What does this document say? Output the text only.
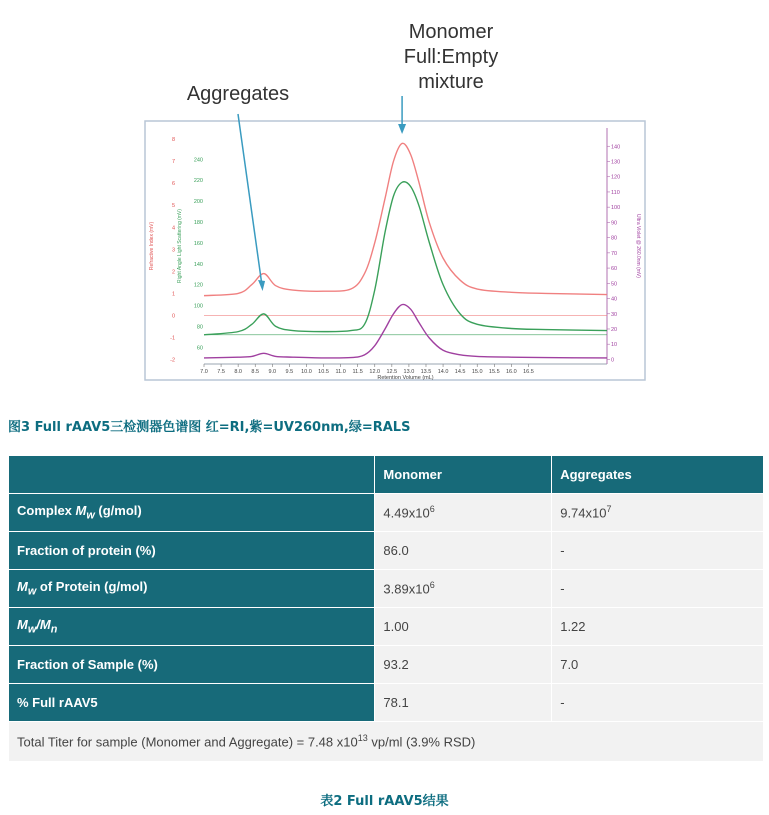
7.0 7.5 8.0 8.5 9.0 9.5 10.0 10.5 11.0 11.5 12.0 12.5 13.0 13.5 14.0 14.5 15.0 15.5 16.0 16.5
Retention Volume (mL)
-2
-1
0
1
2
3
4
5
6
7
8
Refractive Index (mV)
60
80
100
120
140
160
180
200
220
240
Right Angle Light Scattering (mV)
0
10
20
30
40
50
60
70
80
90
100
110
120
130
140
Ultra Violet @ 260.0nm (mV)
Aggregates
Monomer
Full:Empty
mixture
图3 Full rAAV5三检测器色谱图 红=RI,紫=UV260nm,绿=RALS
	Monomer	Aggregates
Complex $M_w$ (g/mol)	$4.49x10^6$	$9.74x10^7$
Fraction of protein (%)	86.0	-
$M_w$ of Protein (g/mol)	$3.89x10^6$	-
$M_w/M_n$	1.00	1.22
Fraction of Sample (%)	93.2	7.0
% Full rAAV5	78.1	-
Total Titer for sample (Monomer and Aggregate) = 7.48 $x10^{13}$ vp/ml (3.9% RSD)		
表2 Full rAAV5结果
